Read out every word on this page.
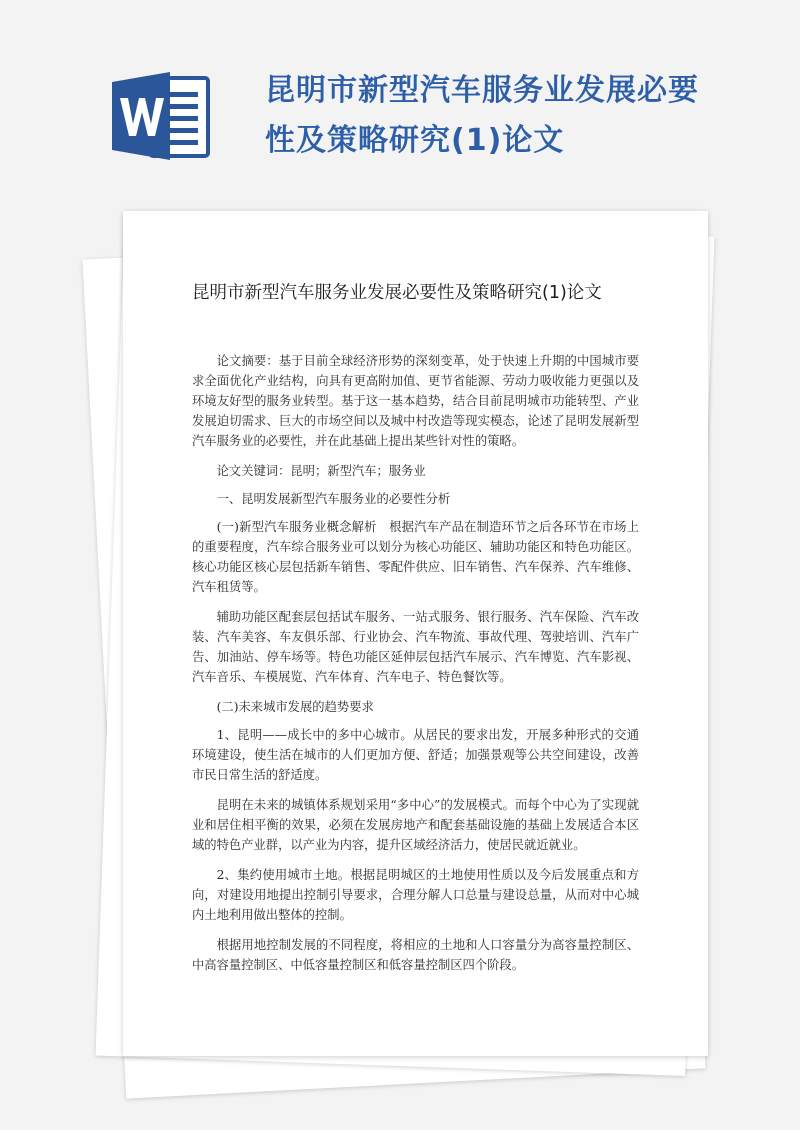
昆明市新型汽车服务业发展必要性及策略研究(1)论文
昆明市新型汽车服务业发展必要性及策略研究(1)论文

论文摘要：基于目前全球经济形势的深刻变革，处于快速上升期的中国城市要求全面优化产业结构，向具有更高附加值、更节省能源、劳动力吸收能力更强以及环境友好型的服务业转型。基于这一基本趋势，结合目前昆明城市功能转型、产业发展迫切需求、巨大的市场空间以及城中村改造等现实模态，论述了昆明发展新型汽车服务业的必要性，并在此基础上提出某些针对性的策略。

论文关键词：昆明；新型汽车；服务业

一、昆明发展新型汽车服务业的必要性分析

(一)新型汽车服务业概念解析　根据汽车产品在制造环节之后各环节在市场上的重要程度，汽车综合服务业可以划分为核心功能区、辅助功能区和特色功能区。核心功能区核心层包括新车销售、零配件供应、旧车销售、汽车保养、汽车维修、汽车租赁等。

辅助功能区配套层包括试车服务、一站式服务、银行服务、汽车保险、汽车改装、汽车美容、车友俱乐部、行业协会、汽车物流、事故代理、驾驶培训、汽车广告、加油站、停车场等。特色功能区延伸层包括汽车展示、汽车博览、汽车影视、汽车音乐、车模展览、汽车体育、汽车电子、特色餐饮等。

(二)未来城市发展的趋势要求

1、昆明——成长中的多中心城市。从居民的要求出发，开展多种形式的交通环境建设，使生活在城市的人们更加方便、舒适；加强景观等公共空间建设，改善市民日常生活的舒适度。

昆明在未来的城镇体系规划采用“多中心”的发展模式。而每个中心为了实现就业和居住相平衡的效果，必须在发展房地产和配套基础设施的基础上发展适合本区域的特色产业群，以产业为内容，提升区域经济活力，使居民就近就业。

2、集约使用城市土地。根据昆明城区的土地使用性质以及今后发展重点和方向，对建设用地提出控制引导要求，合理分解人口总量与建设总量，从而对中心城内土地利用做出整体的控制。

根据用地控制发展的不同程度，将相应的土地和人口容量分为高容量控制区、中高容量控制区、中低容量控制区和低容量控制区四个阶段。
